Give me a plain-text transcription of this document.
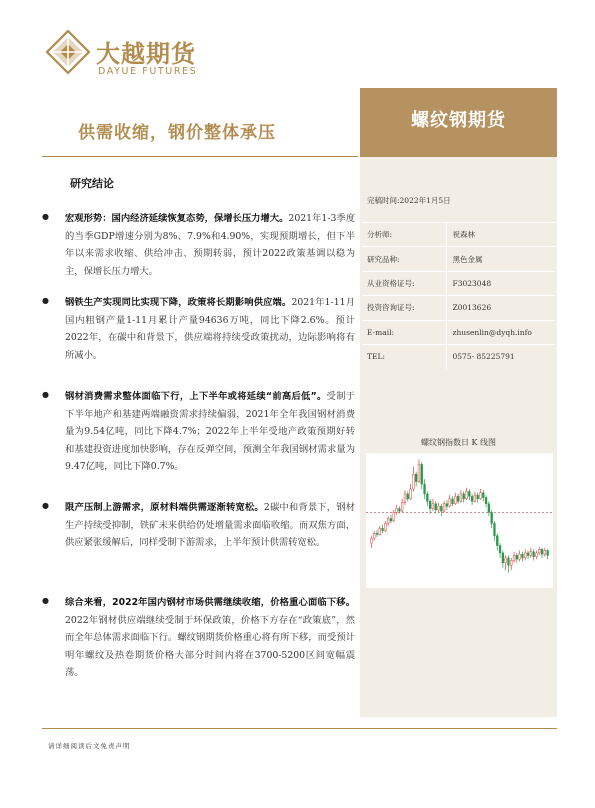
大越期货
DAYUE FUTURES
供需收缩，钢价整体承压
螺纹钢期货
研究结论
● 宏观形势：国内经济延续恢复态势，保增长压力增大。2021年1-3季度的当季GDP增速分别为8%、7.9%和4.90%，实现预期增长，但下半年以来需求收缩、供给冲击、预期转弱，预计2022政策基调以稳为主，保增长压力增大。
● 钢铁生产实现同比实现下降，政策将长期影响供应端。2021年1-11月国内粗钢产量1-11月累计产量94636万吨，同比下降2.6%。预计2022年，在碳中和背景下，供应端将持续受政策扰动，边际影响将有所减小。
● 钢材消费需求整体面临下行，上下半年或将延续“前高后低”。受制于下半年地产和基建两端融资需求持续偏弱，2021年全年我国钢材消费量为9.54亿吨，同比下降4.7%；2022年上半年受地产政策预期好转和基建投资进度加快影响，存在反弹空间，预测全年我国钢材需求量为9.47亿吨，同比下降0.7%。
● 限产压制上游需求，原材料端供需逐渐转宽松。2碳中和背景下，钢材生产持续受抑制，铁矿未来供给仍处增量需求面临收缩。而双焦方面，供应紧张缓解后，同样受制下游需求，上半年预计供需转宽松。
● 综合来看，2022年国内钢材市场供需继续收缩，价格重心面临下移。2022年钢材供应端继续受制于环保政策，价格下方存在“政策底”，然而全年总体需求面临下行。螺纹钢期货价格重心将有所下移，而受预计明年螺纹及热卷期货价格大部分时间内将在3700-5200区间宽幅震荡。
完稿时间:2022年1月5日
分析师:	祝森林
研究品种:	黑色金属
从业资格证号:	F3023048
投资咨询证号:	Z0013626
E-mail:	zhusenlin@dyqh.info
TEL:	0575- 85225791
螺纹钢指数日 K 线图
请详细阅读后文免责声明
